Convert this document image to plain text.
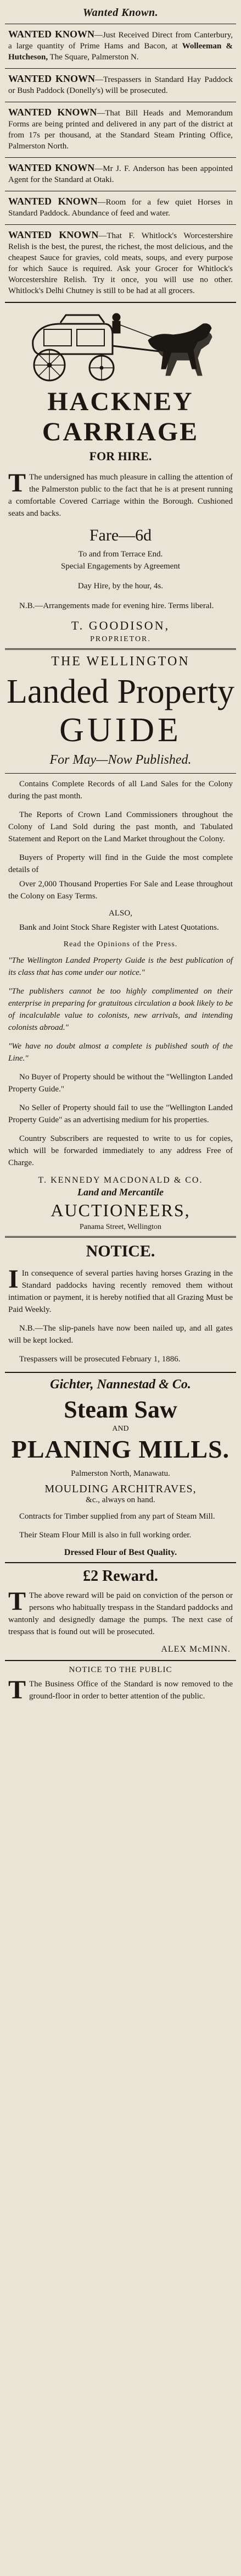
Wanted Known.
WANTED KNOWN—Just Received Direct from Canterbury, a large quantity of Prime Hams and Bacon, at Wolleeman & Hutcheson, The Square, Palmerston N.
WANTED KNOWN—Trespassers in Standard Hay Paddock or Bush Paddock (Donelly's) will be prosecuted.
WANTED KNOWN—That Bill Heads and Memorandum Forms are being printed and delivered in any part of the district at from 17s per thousand, at the Standard Steam Printing Office, Palmerston North.
WANTED KNOWN—Mr J. F. Anderson has been appointed Agent for the Standard at Otaki.
WANTED KNOWN—Room for a few quiet Horses in Standard Paddock. Abundance of feed and water.
WANTED KNOWN—That F. Whitlock's Worcestershire Relish is the best, the purest, the richest, the most delicious, and the cheapest Sauce for gravies, cold meats, soups, and every purpose for which Sauce is required. Ask your Grocer for Whitlock's Worcestershire Relish. Try it once, you will use no other. Whitlock's Delhi Chutney is still to be had at all grocers.
HACKNEY CARRIAGE
FOR HIRE.
T The undersigned has much pleasure in calling the attention of the Palmerston public to the fact that he is at present running a comfortable Covered Carriage within the Borough. Cushioned seats and backs.
Fare—6d
To and from Terrace End.
Special Engagements by Agreement
Day Hire, by the hour, 4s.
N.B.—Arrangements made for evening hire. Terms liberal.
T. GOODISON,
PROPRIETOR.
THE WELLINGTON
Landed Property
GUIDE
For May—Now Published.
Contains Complete Records of all Land Sales for the Colony during the past month.
The Reports of Crown Land Commissioners throughout the Colony of Land Sold during the past month, and Tabulated Statement and Report on the Land Market throughout the Colony.
Buyers of Property will find in the Guide the most complete details of
Over 2,000 Thousand Properties For Sale and Lease throughout the Colony on Easy Terms.
ALSO,
Bank and Joint Stock Share Register with Latest Quotations.
Read the Opinions of the Press.
"The Wellington Landed Property Guide is the best publication of its class that has come under our notice."
"The publishers cannot be too highly complimented on their enterprise in preparing for gratuitous circulation a book likely to be of incalculable value to colonists, new arrivals, and intending colonists abroad."
"We have no doubt almost a complete is published south of the Line."
No Buyer of Property should be without the "Wellington Landed Property Guide."
No Seller of Property should fail to use the "Wellington Landed Property Guide" as an advertising medium for his properties.
Country Subscribers are requested to write to us for copies, which will be forwarded immediately to any address Free of Charge.
T. KENNEDY MACDONALD & CO.
Land and Mercantile
AUCTIONEERS,
Panama Street, Wellington
NOTICE.
I In consequence of several parties having horses Grazing in the Standard paddocks having recently removed them without intimation or payment, it is hereby notified that all Grazing Must be Paid Weekly.
N.B.—The slip-panels have now been nailed up, and all gates will be kept locked.
Trespassers will be prosecuted February 1, 1886.
Gichter, Nannestad & Co.
Steam Saw
AND
PLANING MILLS.
Palmerston North, Manawatu.
MOULDING ARCHITRAVES,
&c., always on hand.
Contracts for Timber supplied from any part of Steam Mill.
Their Steam Flour Mill is also in full working order.
Dressed Flour of Best Quality.
£2 Reward.
T The above reward will be paid on conviction of the person or persons who habitually trespass in the Standard paddocks and wantonly and designedly damage the pumps. The next case of trespass that is found out will be prosecuted.
ALEX McMINN.
NOTICE TO THE PUBLIC
T The Business Office of the Standard is now removed to the ground-floor in order to better attention of the public.
